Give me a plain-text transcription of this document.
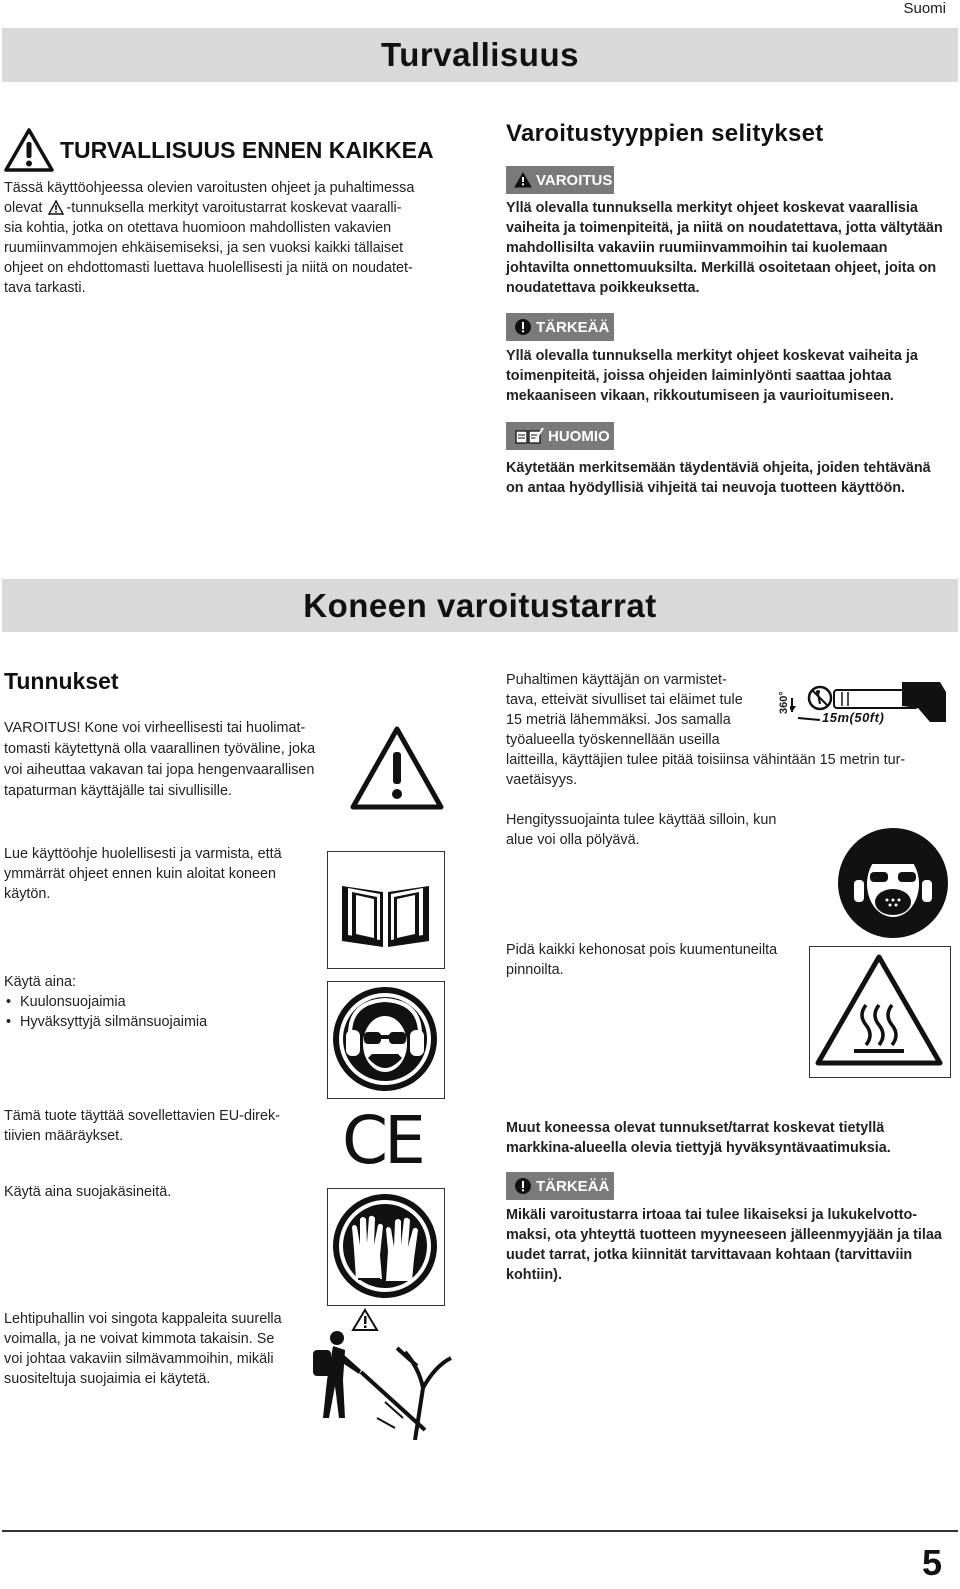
Suomi
Turvallisuus
TURVALLISUUS ENNEN KAIKKEA
Tässä käyttöohjeessa olevien varoitusten ohjeet ja puhaltimessa
olevat -tunnuksella merkityt varoitustarrat koskevat vaaralli-
sia kohtia, jotka on otettava huomioon mahdollisten vakavien
ruumiinvammojen ehkäisemiseksi, ja sen vuoksi kaikki tällaiset
ohjeet on ehdottomasti luettava huolellisesti ja niitä on noudatet-
tava tarkasti.
Varoitustyyppien selitykset
VAROITUS
Yllä olevalla tunnuksella merkityt ohjeet koskevat vaarallisia vaiheita ja toimenpiteitä, ja niitä on noudatettava, jotta vältytään mahdollisilta vakaviin ruumiinvammoihin tai kuolemaan johtavilta onnettomuuksilta. Merkillä osoitetaan ohjeet, joita on noudatettava poikkeuksetta.
TÄRKEÄÄ
Yllä olevalla tunnuksella merkityt ohjeet koskevat vaiheita ja toimenpiteitä, joissa ohjeiden laiminlyönti saattaa johtaa mekaaniseen vikaan, rikkoutumiseen ja vaurioitumiseen.
HUOMIO
Käytetään merkitsemään täydentäviä ohjeita, joiden tehtävänä on antaa hyödyllisiä vihjeitä tai neuvoja tuotteen käyttöön.
Koneen varoitustarrat
Tunnukset
VAROITUS! Kone voi virheellisesti tai huolimattomasti käytettynä olla vaarallinen työväline, joka voi aiheuttaa vakavan tai jopa hengenvaarallisen tapaturman käyttäjälle tai sivullisille.
Lue käyttöohje huolellisesti ja varmista, että ymmärrät ohjeet ennen kuin aloitat koneen käytön.
Käytä aina:
• Kuulonsuojaimia
• Hyväksyttyjä silmänsuojaimia
Tämä tuote täyttää sovellettavien EU-direktiivien määräykset.	CE
Käytä aina suojakäsineitä.
Lehtipuhallin voi singota kappaleita suurella voimalla, ja ne voivat kimmota takaisin. Se voi johtaa vakaviin silmävammoihin, mikäli suositeltuja suojaimia ei käytetä.
Puhaltimen käyttäjän on varmistet-
tava, etteivät sivulliset tai eläimet tule
15 metriä lähemmäksi. Jos samalla
työalueella työskennellään useilla
laitteilla, käyttäjien tulee pitää toisiinsa vähintään 15 metrin turvaetäisyys.
360°
15m(50ft)
Hengityssuojainta tulee käyttää silloin, kun alue voi olla pölyävä.
Pidä kaikki kehonosat pois kuumentuneilta pinnoilta.
Muut koneessa olevat tunnukset/tarrat koskevat tietyllä markkina-alueella olevia tiettyjä hyväksyntävaatimuksia.
TÄRKEÄÄ
Mikäli varoitustarra irtoaa tai tulee likaiseksi ja lukukelvottomaksi, ota yhteyttä tuotteen myyneeseen jälleenmyyjään ja tilaa uudet tarrat, jotka kiinnität tarvittavaan kohtaan (tarvittaviin kohtiin).
5
